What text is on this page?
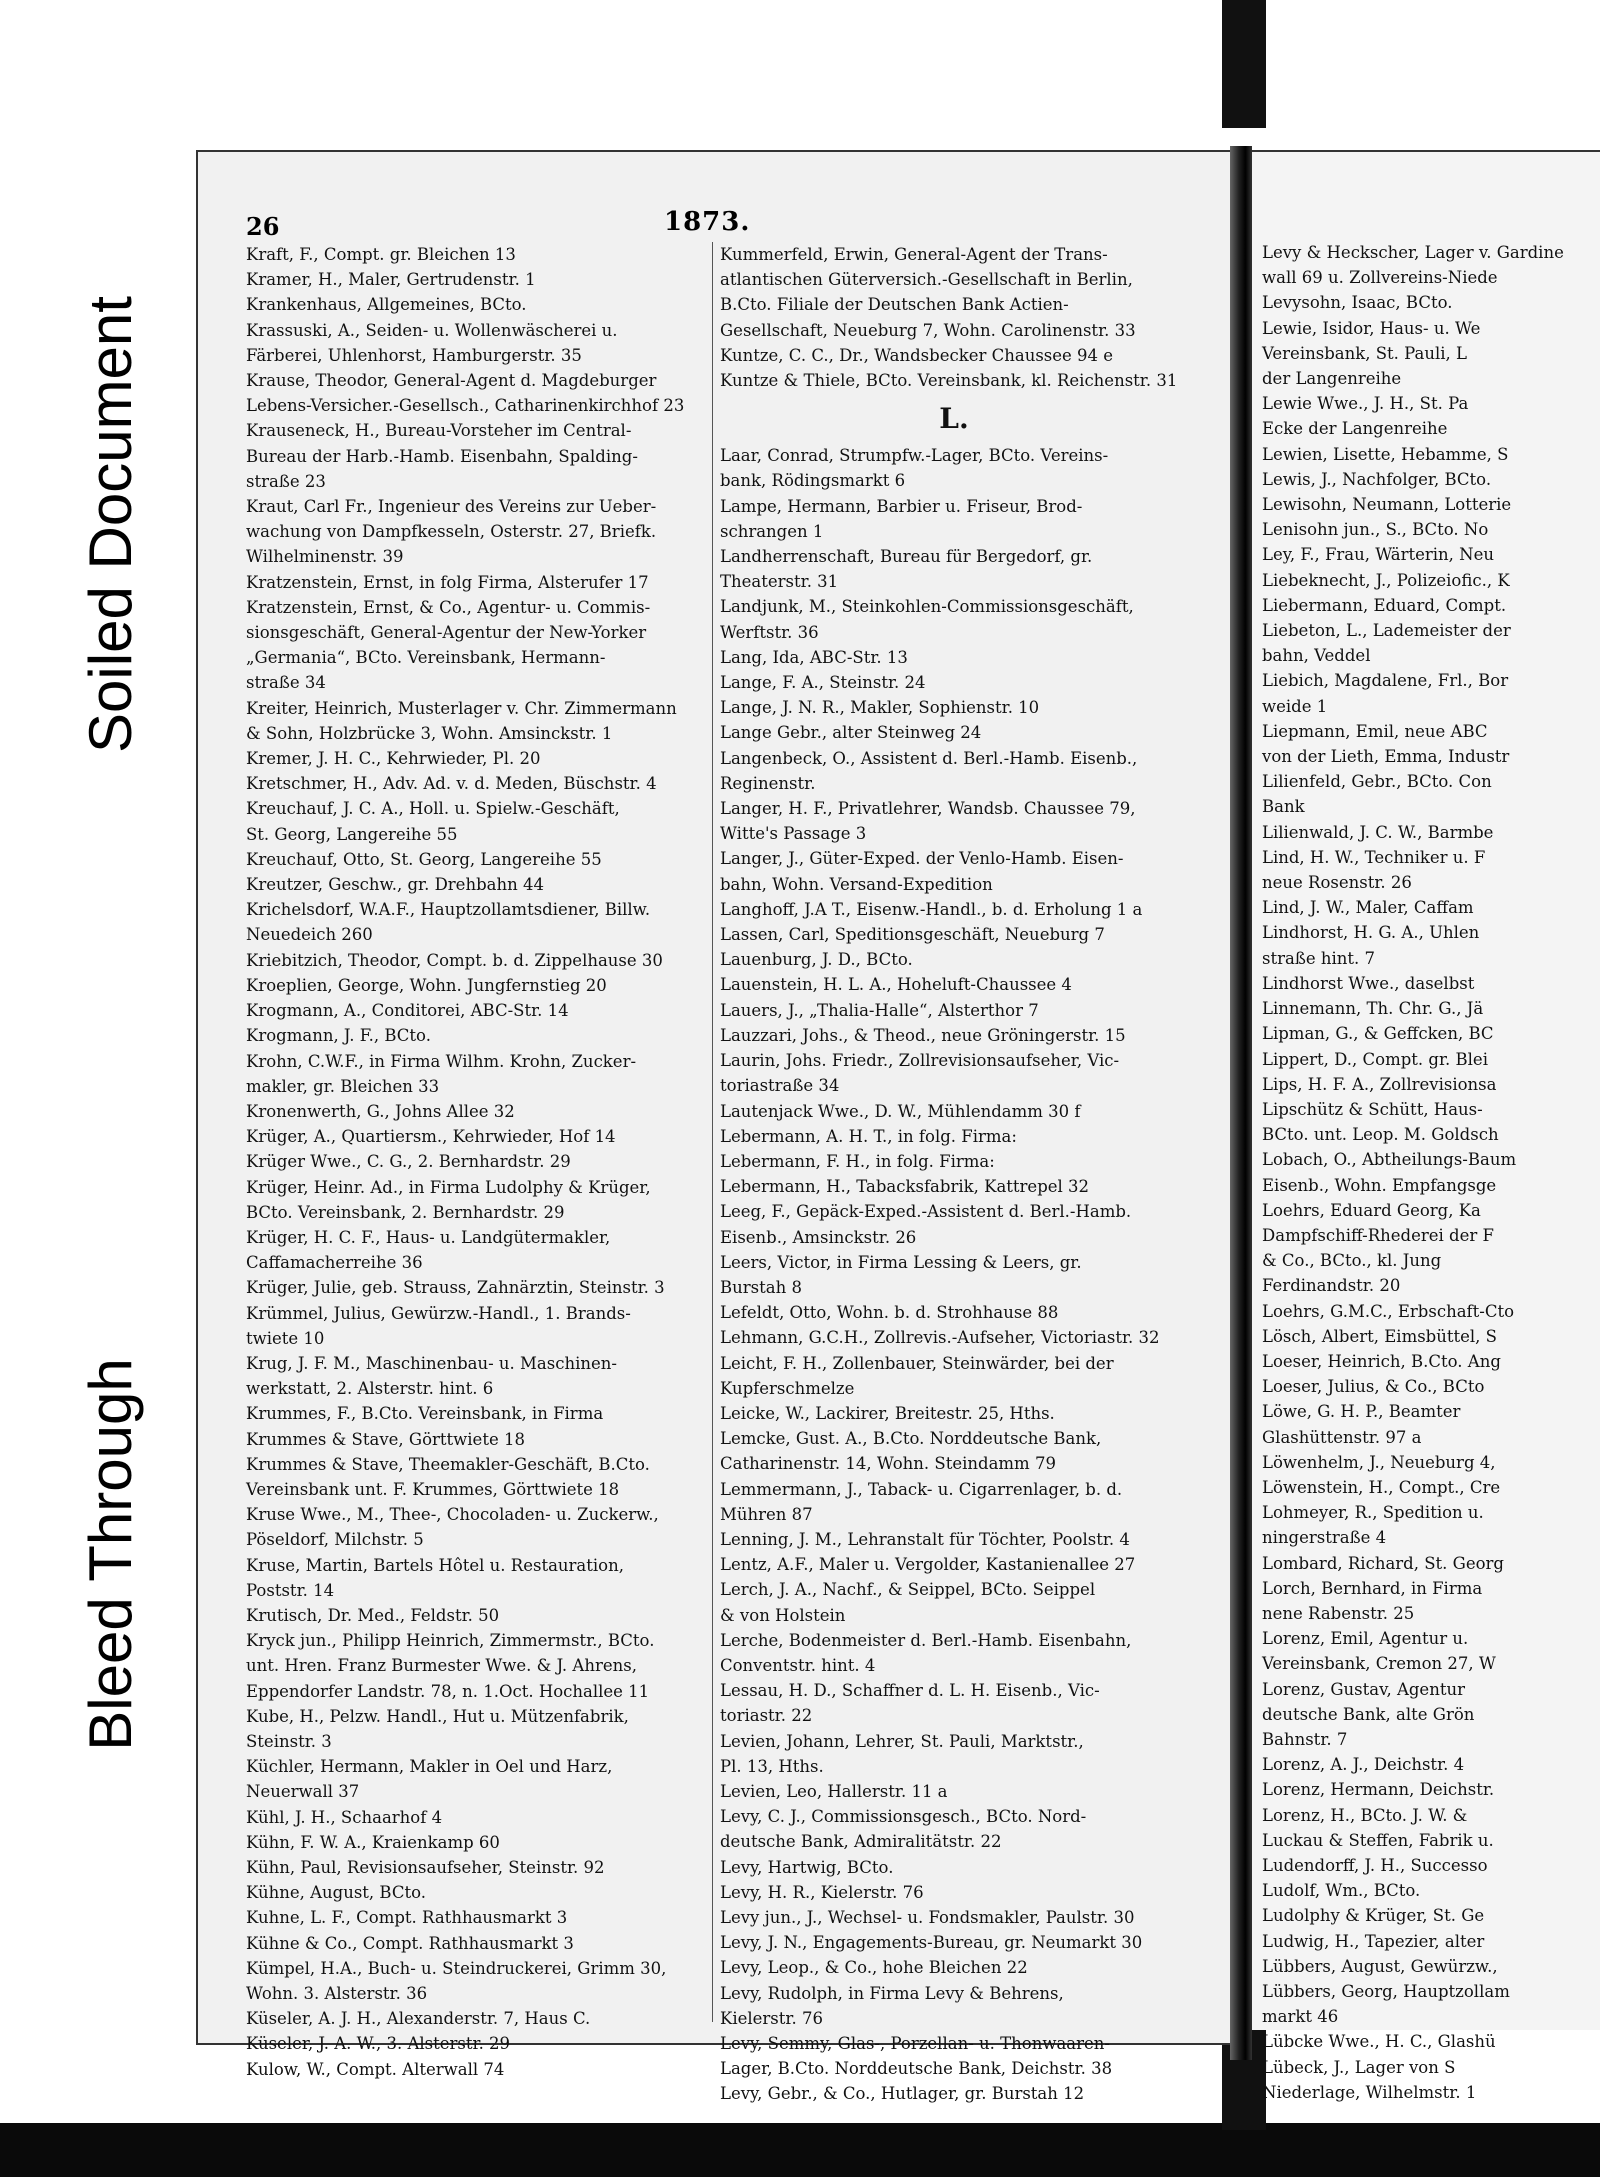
26	1873.
Kraft, F., Compt. gr. Bleichen 13
Kramer, H., Maler, Gertrudenstr. 1
Krankenhaus, Allgemeines, BCto.
Krassuski, A., Seiden- u. Wollenwäscherei u.
Färberei, Uhlenhorst, Hamburgerstr. 35
Krause, Theodor, General-Agent d. Magdeburger
Lebens-Versicher.-Gesellsch., Catharinenkirchhof 23
Krauseneck, H., Bureau-Vorsteher im Central-
Bureau der Harb.-Hamb. Eisenbahn, Spalding-
straße 23
Kraut, Carl Fr., Ingenieur des Vereins zur Ueber-
wachung von Dampfkesseln, Osterstr. 27, Briefk.
Wilhelminenstr. 39
Kratzenstein, Ernst, in folg Firma, Alsterufer 17
Kratzenstein, Ernst, & Co., Agentur- u. Commis-
sionsgeschäft, General-Agentur der New-Yorker
„Germania“, BCto. Vereinsbank, Hermann-
straße 34
Kreiter, Heinrich, Musterlager v. Chr. Zimmermann
& Sohn, Holzbrücke 3, Wohn. Amsinckstr. 1
Kremer, J. H. C., Kehrwieder, Pl. 20
Kretschmer, H., Adv. Ad. v. d. Meden, Büschstr. 4
Kreuchauf, J. C. A., Holl. u. Spielw.-Geschäft,
St. Georg, Langereihe 55
Kreuchauf, Otto, St. Georg, Langereihe 55
Kreutzer, Geschw., gr. Drehbahn 44
Krichelsdorf, W.A.F., Hauptzollamtsdiener, Billw.
Neuedeich 260
Kriebitzich, Theodor, Compt. b. d. Zippelhause 30
Kroeplien, George, Wohn. Jungfernstieg 20
Krogmann, A., Conditorei, ABC-Str. 14
Krogmann, J. F., BCto.
Krohn, C.W.F., in Firma Wilhm. Krohn, Zucker-
makler, gr. Bleichen 33
Kronenwerth, G., Johns Allee 32
Krüger, A., Quartiersm., Kehrwieder, Hof 14
Krüger Wwe., C. G., 2. Bernhardstr. 29
Krüger, Heinr. Ad., in Firma Ludolphy & Krüger,
BCto. Vereinsbank, 2. Bernhardstr. 29
Krüger, H. C. F., Haus- u. Landgütermakler,
Caffamacherreihe 36
Krüger, Julie, geb. Strauss, Zahnärztin, Steinstr. 3
Krümmel, Julius, Gewürzw.-Handl., 1. Brands-
twiete 10
Krug, J. F. M., Maschinenbau- u. Maschinen-
werkstatt, 2. Alsterstr. hint. 6
Krummes, F., B.Cto. Vereinsbank, in Firma
Krummes & Stave, Görttwiete 18
Krummes & Stave, Theemakler-Geschäft, B.Cto.
Vereinsbank unt. F. Krummes, Görttwiete 18
Kruse Wwe., M., Thee-, Chocoladen- u. Zuckerw.,
Pöseldorf, Milchstr. 5
Kruse, Martin, Bartels Hôtel u. Restauration,
Poststr. 14
Krutisch, Dr. Med., Feldstr. 50
Kryck jun., Philipp Heinrich, Zimmermstr., BCto.
unt. Hren. Franz Burmester Wwe. & J. Ahrens,
Eppendorfer Landstr. 78, n. 1.Oct. Hochallee 11
Kube, H., Pelzw. Handl., Hut u. Mützenfabrik,
Steinstr. 3
Küchler, Hermann, Makler in Oel und Harz,
Neuerwall 37
Kühl, J. H., Schaarhof 4
Kühn, F. W. A., Kraienkamp 60
Kühn, Paul, Revisionsaufseher, Steinstr. 92
Kühne, August, BCto.
Kuhne, L. F., Compt. Rathhausmarkt 3
Kühne & Co., Compt. Rathhausmarkt 3
Kümpel, H.A., Buch- u. Steindruckerei, Grimm 30,
Wohn. 3. Alsterstr. 36
Küseler, A. J. H., Alexanderstr. 7, Haus C.
Küseler, J. A. W., 3. Alsterstr. 29
Kulow, W., Compt. Alterwall 74
Kummerfeld, Erwin, General-Agent der Trans-
atlantischen Güterversich.-Gesellschaft in Berlin,
B.Cto. Filiale der Deutschen Bank Actien-
Gesellschaft, Neueburg 7, Wohn. Carolinenstr. 33
Kuntze, C. C., Dr., Wandsbecker Chaussee 94 e
Kuntze & Thiele, BCto. Vereinsbank, kl. Reichenstr. 31
L.
Laar, Conrad, Strumpfw.-Lager, BCto. Vereins-
bank, Rödingsmarkt 6
Lampe, Hermann, Barbier u. Friseur, Brod-
schrangen 1
Landherrenschaft, Bureau für Bergedorf, gr.
Theaterstr. 31
Landjunk, M., Steinkohlen-Commissionsgeschäft,
Werftstr. 36
Lang, Ida, ABC-Str. 13
Lange, F. A., Steinstr. 24
Lange, J. N. R., Makler, Sophienstr. 10
Lange Gebr., alter Steinweg 24
Langenbeck, O., Assistent d. Berl.-Hamb. Eisenb.,
Reginenstr.
Langer, H. F., Privatlehrer, Wandsb. Chaussee 79,
Witte's Passage 3
Langer, J., Güter-Exped. der Venlo-Hamb. Eisen-
bahn, Wohn. Versand-Expedition
Langhoff, J.A T., Eisenw.-Handl., b. d. Erholung 1 a
Lassen, Carl, Speditionsgeschäft, Neueburg 7
Lauenburg, J. D., BCto.
Lauenstein, H. L. A., Hoheluft-Chaussee 4
Lauers, J., „Thalia-Halle“, Alsterthor 7
Lauzzari, Johs., & Theod., neue Gröningerstr. 15
Laurin, Johs. Friedr., Zollrevisionsaufseher, Vic-
toriastraße 34
Lautenjack Wwe., D. W., Mühlendamm 30 f
Lebermann, A. H. T., in folg. Firma:
Lebermann, F. H., in folg. Firma:
Lebermann, H., Tabacksfabrik, Kattrepel 32
Leeg, F., Gepäck-Exped.-Assistent d. Berl.-Hamb.
Eisenb., Amsinckstr. 26
Leers, Victor, in Firma Lessing & Leers, gr.
Burstah 8
Lefeldt, Otto, Wohn. b. d. Strohhause 88
Lehmann, G.C.H., Zollrevis.-Aufseher, Victoriastr. 32
Leicht, F. H., Zollenbauer, Steinwärder, bei der
Kupferschmelze
Leicke, W., Lackirer, Breitestr. 25, Hths.
Lemcke, Gust. A., B.Cto. Norddeutsche Bank,
Catharinenstr. 14, Wohn. Steindamm 79
Lemmermann, J., Taback- u. Cigarrenlager, b. d.
Mühren 87
Lenning, J. M., Lehranstalt für Töchter, Poolstr. 4
Lentz, A.F., Maler u. Vergolder, Kastanienallee 27
Lerch, J. A., Nachf., & Seippel, BCto. Seippel
& von Holstein
Lerche, Bodenmeister d. Berl.-Hamb. Eisenbahn,
Conventstr. hint. 4
Lessau, H. D., Schaffner d. L. H. Eisenb., Vic-
toriastr. 22
Levien, Johann, Lehrer, St. Pauli, Marktstr.,
Pl. 13, Hths.
Levien, Leo, Hallerstr. 11 a
Levy, C. J., Commissionsgesch., BCto. Nord-
deutsche Bank, Admiralitätstr. 22
Levy, Hartwig, BCto.
Levy, H. R., Kielerstr. 76
Levy jun., J., Wechsel- u. Fondsmakler, Paulstr. 30
Levy, J. N., Engagements-Bureau, gr. Neumarkt 30
Levy, Leop., & Co., hohe Bleichen 22
Levy, Rudolph, in Firma Levy & Behrens,
Kielerstr. 76
Levy, Semmy, Glas-, Porzellan- u. Thonwaaren-
Lager, B.Cto. Norddeutsche Bank, Deichstr. 38
Levy, Gebr., & Co., Hutlager, gr. Burstah 12
Levy & Heckscher, Lager v. Gardine
wall 69 u. Zollvereins-Niede
Levysohn, Isaac, BCto.
Lewie, Isidor, Haus- u. We
Vereinsbank, St. Pauli, L
der Langenreihe
Lewie Wwe., J. H., St. Pa
Ecke der Langenreihe
Lewien, Lisette, Hebamme, S
Lewis, J., Nachfolger, BCto.
Lewisohn, Neumann, Lotterie
Lenisohn jun., S., BCto. No
Ley, F., Frau, Wärterin, Neu
Liebeknecht, J., Polizeiofic., K
Liebermann, Eduard, Compt.
Liebeton, L., Lademeister der
bahn, Veddel
Liebich, Magdalene, Frl., Bor
weide 1
Liepmann, Emil, neue ABC
von der Lieth, Emma, Industr
Lilienfeld, Gebr., BCto. Con
Bank
Lilienwald, J. C. W., Barmbe
Lind, H. W., Techniker u. F
neue Rosenstr. 26
Lind, J. W., Maler, Caffam
Lindhorst, H. G. A., Uhlen
straße hint. 7
Lindhorst Wwe., daselbst
Linnemann, Th. Chr. G., Jä
Lipman, G., & Geffcken, BC
Lippert, D., Compt. gr. Blei
Lips, H. F. A., Zollrevisionsa
Lipschütz & Schütt, Haus-
BCto. unt. Leop. M. Goldsch
Lobach, O., Abtheilungs-Baum
Eisenb., Wohn. Empfangsge
Loehrs, Eduard Georg, Ka
Dampfschiff-Rhederei der F
& Co., BCto., kl. Jung
Ferdinandstr. 20
Loehrs, G.M.C., Erbschaft-Cto
Lösch, Albert, Eimsbüttel, S
Loeser, Heinrich, B.Cto. Ang
Loeser, Julius, & Co., BCto
Löwe, G. H. P., Beamter
Glashüttenstr. 97 a
Löwenhelm, J., Neueburg 4,
Löwenstein, H., Compt., Cre
Lohmeyer, R., Spedition u.
ningerstraße 4
Lombard, Richard, St. Georg
Lorch, Bernhard, in Firma
nene Rabenstr. 25
Lorenz, Emil, Agentur u.
Vereinsbank, Cremon 27, W
Lorenz, Gustav, Agentur
deutsche Bank, alte Grön
Bahnstr. 7
Lorenz, A. J., Deichstr. 4
Lorenz, Hermann, Deichstr.
Lorenz, H., BCto. J. W. &
Luckau & Steffen, Fabrik u.
Ludendorff, J. H., Successo
Ludolf, Wm., BCto.
Ludolphy & Krüger, St. Ge
Ludwig, H., Tapezier, alter
Lübbers, August, Gewürzw.,
Lübbers, Georg, Hauptzollam
markt 46
Lübcke Wwe., H. C., Glashü
Lübeck, J., Lager von S
Niederlage, Wilhelmstr. 1
Soiled Document
Bleed Through
